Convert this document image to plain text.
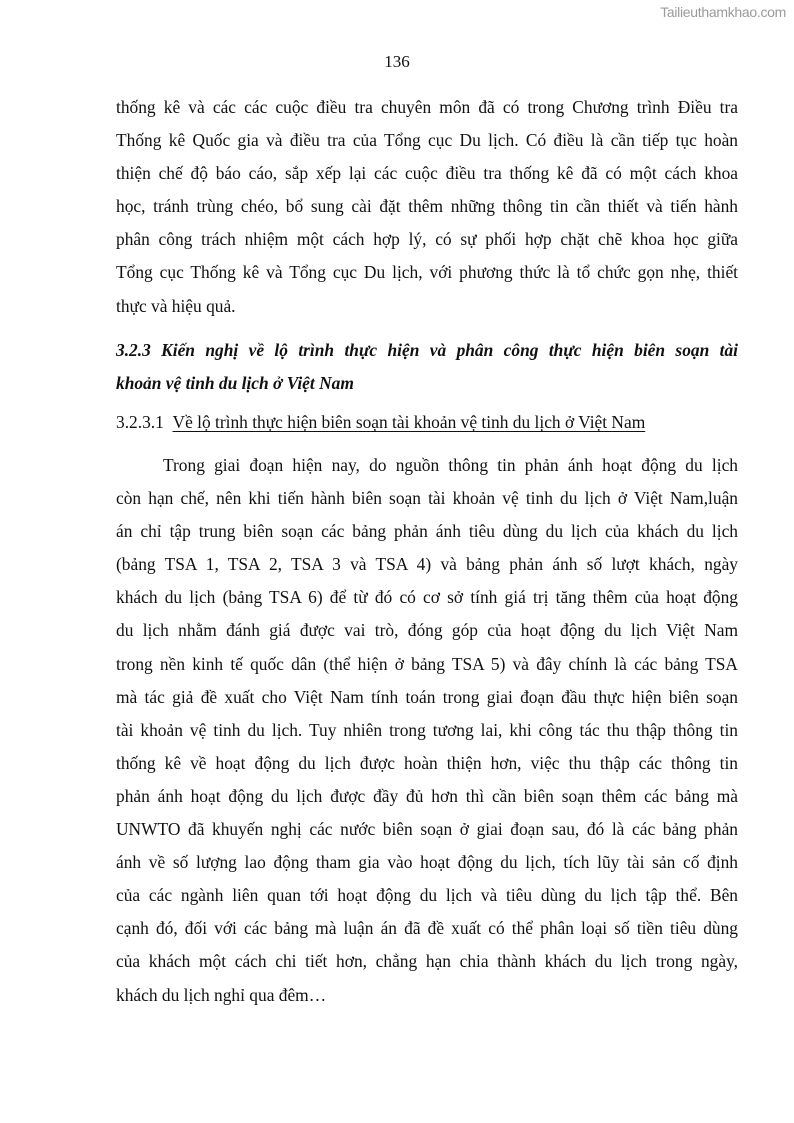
Tailieuthamkhao.com
136
thống kê và các các cuộc điều tra chuyên môn đã có trong Chương trình Điều tra
Thống kê Quốc gia và điều tra của Tổng cục Du lịch. Có điều là cần tiếp tục hoàn
thiện chế độ báo cáo, sắp xếp lại các cuộc điều tra thống kê đã có một cách khoa
học, tránh trùng chéo, bổ sung cài đặt thêm những thông tin cần thiết và tiến hành
phân công trách nhiệm một cách hợp lý, có sự phối hợp chặt chẽ khoa học giữa
Tổng cục Thống kê và Tổng cục Du lịch, với phương thức là tổ chức gọn nhẹ, thiết
thực và hiệu quả.
3.2.3 Kiến nghị về lộ trình thực hiện và phân công thực hiện biên soạn tài
khoản vệ tinh du lịch ở Việt Nam
3.2.3.1 Về lộ trình thực hiện biên soạn tài khoản vệ tinh du lịch ở Việt Nam
Trong giai đoạn hiện nay, do nguồn thông tin phản ánh hoạt động du lịch
còn hạn chế, nên khi tiến hành biên soạn tài khoản vệ tinh du lịch ở Việt Nam,luận
án chỉ tập trung biên soạn các bảng phản ánh tiêu dùng du lịch của khách du lịch
(bảng TSA 1, TSA 2, TSA 3 và TSA 4) và bảng phản ánh số lượt khách, ngày
khách du lịch (bảng TSA 6) để từ đó có cơ sở tính giá trị tăng thêm của hoạt động
du lịch nhằm đánh giá được vai trò, đóng góp của hoạt động du lịch Việt Nam
trong nền kinh tế quốc dân (thể hiện ở bảng TSA 5) và đây chính là các bảng TSA
mà tác giả đề xuất cho Việt Nam tính toán trong giai đoạn đầu thực hiện biên soạn
tài khoản vệ tinh du lịch. Tuy nhiên trong tương lai, khi công tác thu thập thông tin
thống kê về hoạt động du lịch được hoàn thiện hơn, việc thu thập các thông tin
phản ánh hoạt động du lịch được đầy đủ hơn thì cần biên soạn thêm các bảng mà
UNWTO đã khuyến nghị các nước biên soạn ở giai đoạn sau, đó là các bảng phản
ánh về số lượng lao động tham gia vào hoạt động du lịch, tích lũy tài sản cố định
của các ngành liên quan tới hoạt động du lịch và tiêu dùng du lịch tập thể. Bên
cạnh đó, đối với các bảng mà luận án đã đề xuất có thể phân loại số tiền tiêu dùng
của khách một cách chi tiết hơn, chẳng hạn chia thành khách du lịch trong ngày,
khách du lịch nghỉ qua đêm…
